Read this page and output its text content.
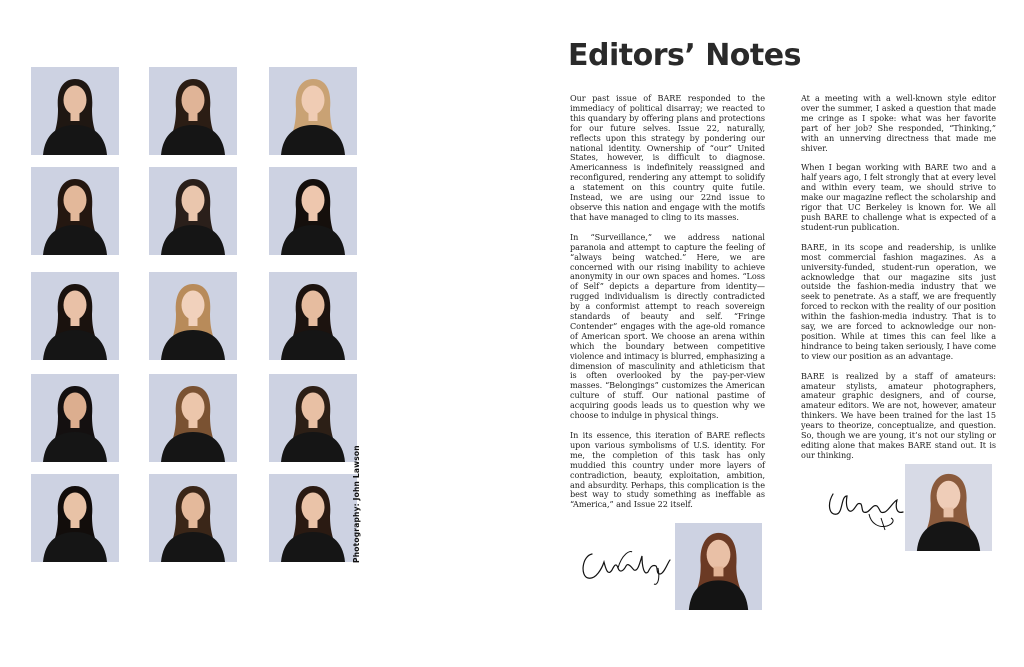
Photography: John Lawson
Editors’ Notes

Our past issue of BARE responded to the immediacy of political disarray; we reacted to this quandary by offering plans and protections for our future selves. Issue 22, naturally, reflects upon this strategy by pondering our national identity. Ownership of “our” United States, however, is difficult to diagnose. Americanness is indefinitely reassigned and reconfigured, rendering any attempt to solidify a statement on this country quite futile. Instead, we are using our 22nd issue to observe this nation and engage with the motifs that have managed to cling to its masses.

In “Surveillance,” we address national paranoia and attempt to capture the feeling of “always being watched.” Here, we are concerned with our rising inability to achieve anonymity in our own spaces and homes. “Loss of Self” depicts a departure from identity— rugged individualism is directly contradicted by a conformist attempt to reach sovereign standards of beauty and self. “Fringe Contender” engages with the age-old romance of American sport. We choose an arena within which the boundary between competitive violence and intimacy is blurred, emphasizing a dimension of masculinity and athleticism that is often overlooked by the pay-per-view masses. “Belongings” customizes the American culture of stuff. Our national pastime of acquiring goods leads us to question why we choose to indulge in physical things.

In its essence, this iteration of BARE reflects upon various symbolisms of U.S. identity. For me, the completion of this task has only muddied this country under more layers of contradiction, beauty, exploitation, ambition, and absurdity. Perhaps, this complication is the best way to study something as ineffable as “America,” and Issue 22 itself.

At a meeting with a well-known style editor over the summer, I asked a question that made me cringe as I spoke: what was her favorite part of her job? She responded, “Thinking,” with an unnerving directness that made me shiver.

When I began working with BARE two and a half years ago, I felt strongly that at every level and within every team, we should strive to make our magazine reflect the scholarship and rigor that UC Berkeley is known for. We all push BARE to challenge what is expected of a student-run publication.

BARE, in its scope and readership, is unlike most commercial fashion magazines. As a university-funded, student-run operation, we acknowledge that our magazine sits just outside the fashion-media industry that we seek to penetrate. As a staff, we are frequently forced to reckon with the reality of our position within the fashion-media industry. That is to say, we are forced to acknowledge our non-position. While at times this can feel like a hindrance to being taken seriously, I have come to view our position as an advantage.

BARE is realized by a staff of amateurs: amateur stylists, amateur photographers, amateur graphic designers, and of course, amateur editors. We are not, however, amateur thinkers. We have been trained for the last 15 years to theorize, conceptualize, and question. So, though we are young, it’s not our styling or editing alone that makes BARE stand out. It is our thinking.
